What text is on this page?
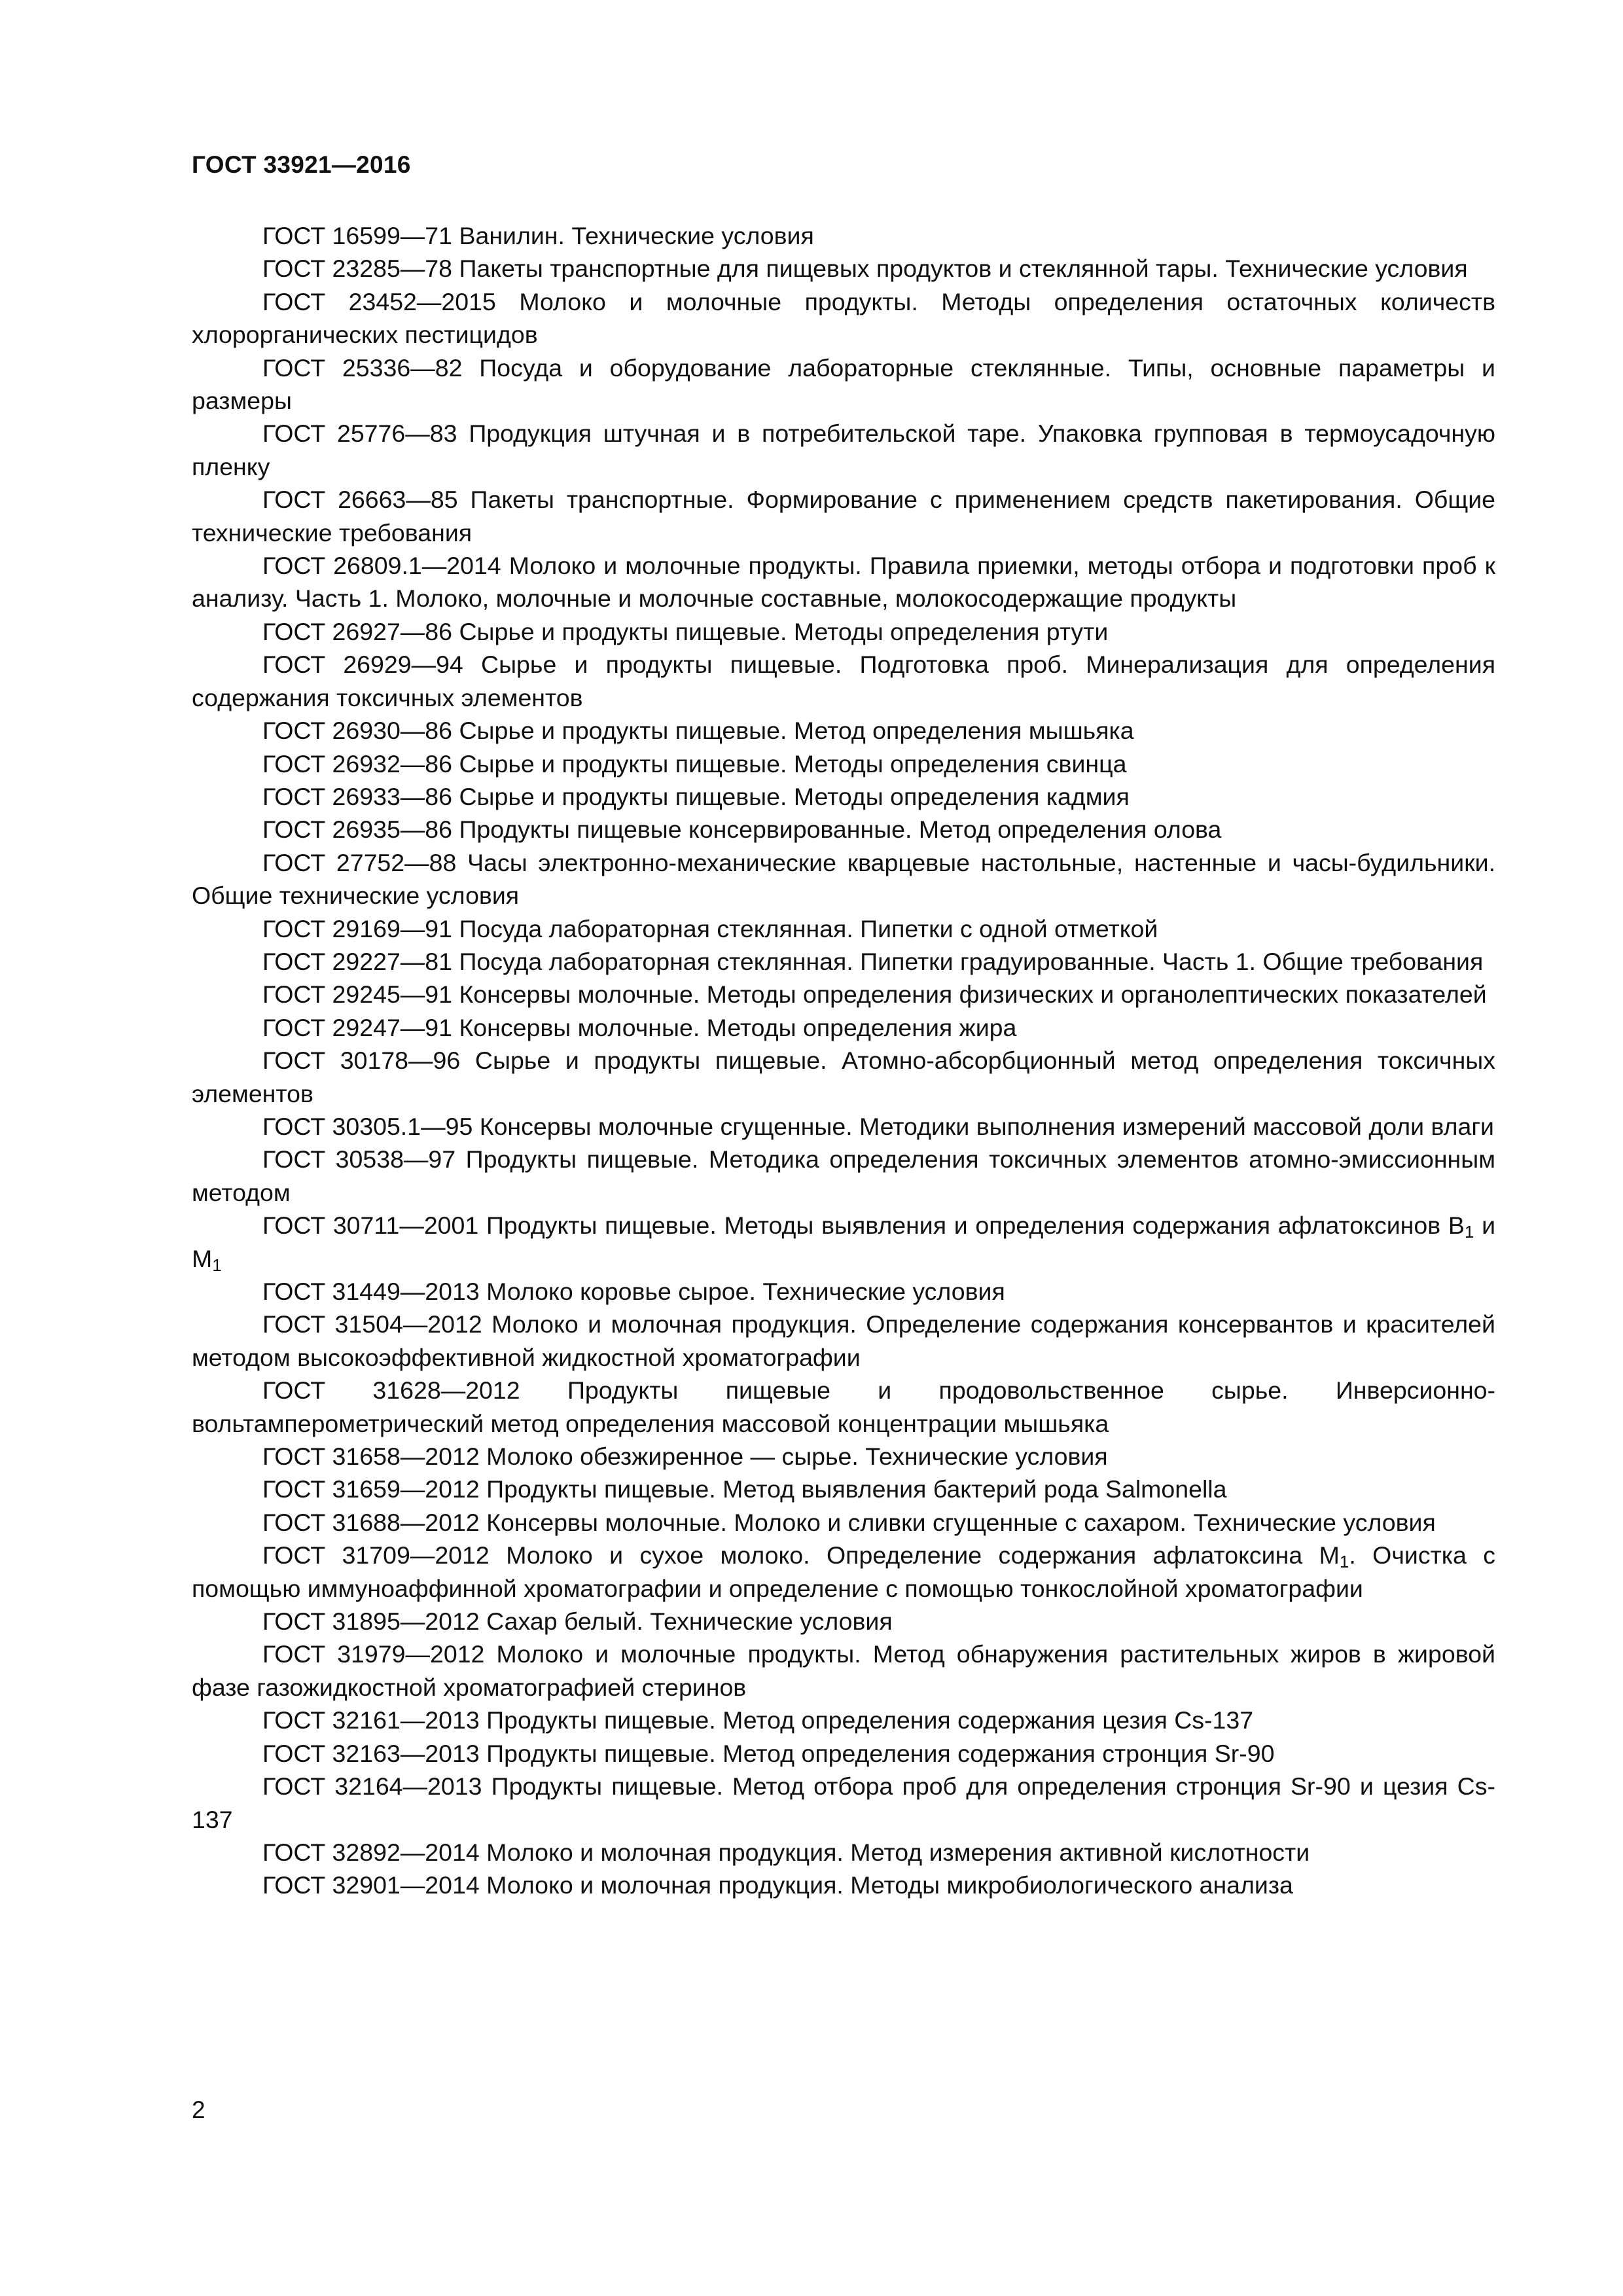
ГОСТ 33921—2016

ГОСТ 16599—71 Ванилин. Технические условия

ГОСТ 23285—78 Пакеты транспортные для пищевых продуктов и стеклянной тары. Технические условия

ГОСТ 23452—2015 Молоко и молочные продукты. Методы определения остаточных количеств хлорорганических пестицидов

ГОСТ 25336—82 Посуда и оборудование лабораторные стеклянные. Типы, основные параметры и размеры

ГОСТ 25776—83 Продукция штучная и в потребительской таре. Упаковка групповая в термоусадочную пленку

ГОСТ 26663—85 Пакеты транспортные. Формирование с применением средств пакетирования. Общие технические требования

ГОСТ 26809.1—2014 Молоко и молочные продукты. Правила приемки, методы отбора и подготовки проб к анализу. Часть 1. Молоко, молочные и молочные составные, молокосодержащие продукты

ГОСТ 26927—86 Сырье и продукты пищевые. Методы определения ртути

ГОСТ 26929—94 Сырье и продукты пищевые. Подготовка проб. Минерализация для определения содержания токсичных элементов

ГОСТ 26930—86 Сырье и продукты пищевые. Метод определения мышьяка

ГОСТ 26932—86 Сырье и продукты пищевые. Методы определения свинца

ГОСТ 26933—86 Сырье и продукты пищевые. Методы определения кадмия

ГОСТ 26935—86 Продукты пищевые консервированные. Метод определения олова

ГОСТ 27752—88 Часы электронно-механические кварцевые настольные, настенные и часы-будильники. Общие технические условия

ГОСТ 29169—91 Посуда лабораторная стеклянная. Пипетки с одной отметкой

ГОСТ 29227—81 Посуда лабораторная стеклянная. Пипетки градуированные. Часть 1. Общие требования

ГОСТ 29245—91 Консервы молочные. Методы определения физических и органолептических показателей

ГОСТ 29247—91 Консервы молочные. Методы определения жира

ГОСТ 30178—96 Сырье и продукты пищевые. Атомно-абсорбционный метод определения токсичных элементов

ГОСТ 30305.1—95 Консервы молочные сгущенные. Методики выполнения измерений массовой доли влаги

ГОСТ 30538—97 Продукты пищевые. Методика определения токсичных элементов атомно-эмиссионным методом

ГОСТ 30711—2001 Продукты пищевые. Методы выявления и определения содержания афлатоксинов $B_1$ и $M_1$

ГОСТ 31449—2013 Молоко коровье сырое. Технические условия

ГОСТ 31504—2012 Молоко и молочная продукция. Определение содержания консервантов и красителей методом высокоэффективной жидкостной хроматографии

ГОСТ 31628—2012 Продукты пищевые и продовольственное сырье. Инверсионно-вольтамперометрический метод определения массовой концентрации мышьяка

ГОСТ 31658—2012 Молоко обезжиренное — сырье. Технические условия

ГОСТ 31659—2012 Продукты пищевые. Метод выявления бактерий рода Salmonella

ГОСТ 31688—2012 Консервы молочные. Молоко и сливки сгущенные с сахаром. Технические условия

ГОСТ 31709—2012 Молоко и сухое молоко. Определение содержания афлатоксина $M_1$. Очистка с помощью иммуноаффинной хроматографии и определение с помощью тонкослойной хроматографии

ГОСТ 31895—2012 Сахар белый. Технические условия

ГОСТ 31979—2012 Молоко и молочные продукты. Метод обнаружения растительных жиров в жировой фазе газожидкостной хроматографией стеринов

ГОСТ 32161—2013 Продукты пищевые. Метод определения содержания цезия Cs-137

ГОСТ 32163—2013 Продукты пищевые. Метод определения содержания стронция Sr-90

ГОСТ 32164—2013 Продукты пищевые. Метод отбора проб для определения стронция Sr-90 и цезия Cs-137

ГОСТ 32892—2014 Молоко и молочная продукция. Метод измерения активной кислотности

ГОСТ 32901—2014 Молоко и молочная продукция. Методы микробиологического анализа

2
